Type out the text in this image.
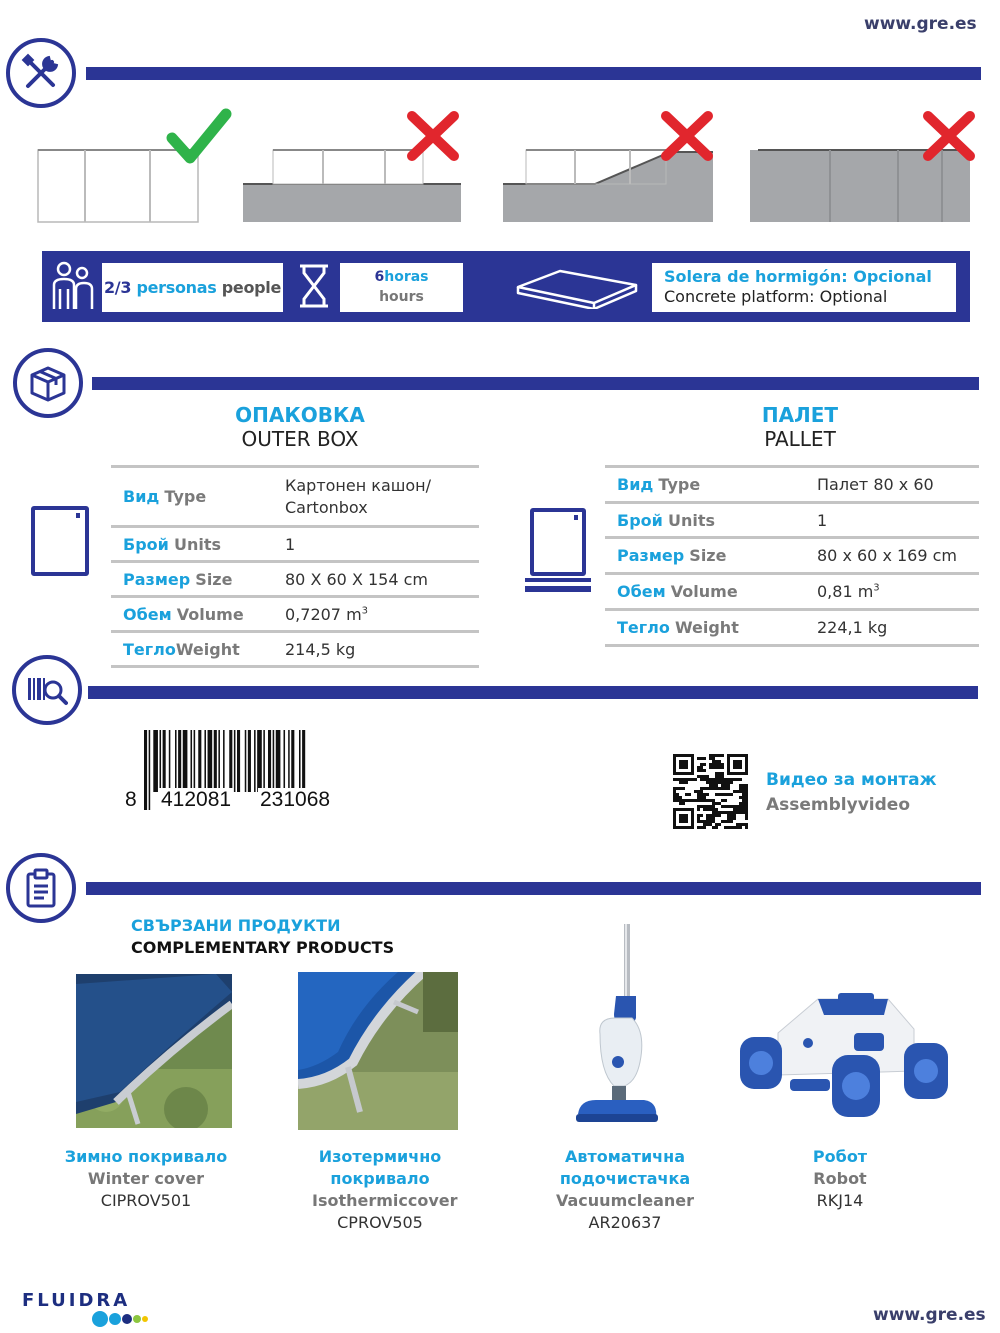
www.gre.es
2/3
personas
people
6horas
hours
Solera de hormigón: Opcional
Concrete platform: Optional
ОПАКОВКА
OUTER BOX
Вид Type	Картонен кашон/
Cartonbox

Брой Units	1
Размер Size	80 X 60 X 154 cm
Обем Volume	0,7207 $m^3$
ТеглоWeight	214,5 kg
ПАЛЕТ
PALLET
Вид Type	Палет 80 x 60
Брой Units	1
Размер Size	80 x 60 x 169 cm
Обем Volume	0,81 $m^3$
Тегло Weight	224,1 kg
8 412081 231068
Видео за монтаж
Assemblyvideo
СВЪРЗАНИ ПРОДУКТИ
COMPLEMENTARY PRODUCTS
Зимно покривало
Winter cover
CIPROV501
Изотермично покривало
Isothermiccover
CPROV505
Автоматична подочистачка
Vacuumcleaner
AR20637
Робот
Robot
RKJ14
FLUIDRA
www.gre.es
